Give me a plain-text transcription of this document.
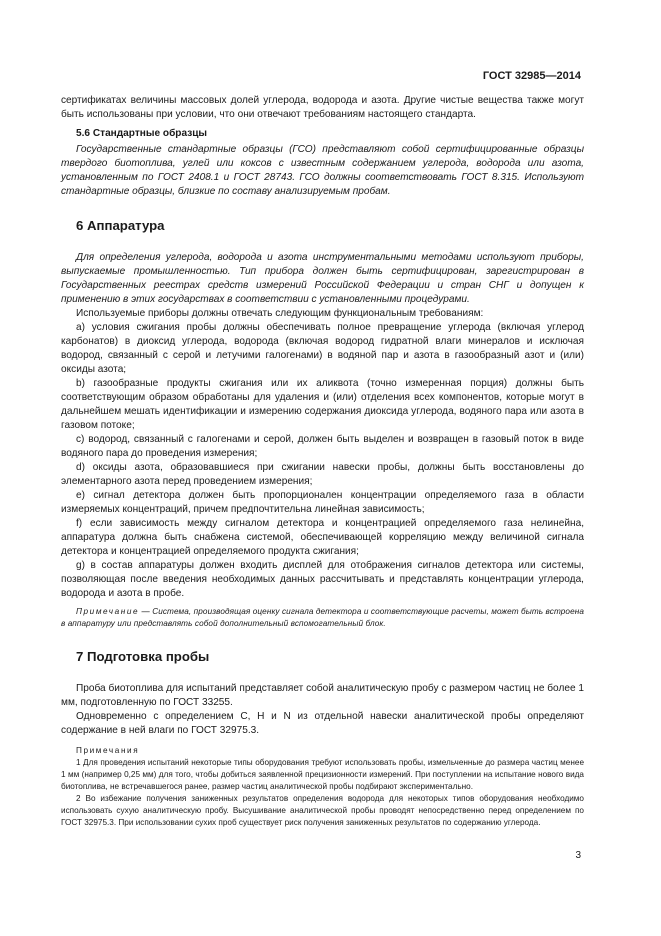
ГОСТ 32985—2014

сертификатах величины массовых долей углерода, водорода и азота. Другие чистые вещества также могут быть использованы при условии, что они отвечают требованиям настоящего стандарта.

5.6 Стандартные образцы

Государственные стандартные образцы (ГСО) представляют собой сертифицированные образцы твердого биотоплива, углей или коксов с известным содержанием углерода, водорода или азота, установленным по ГОСТ 2408.1 и ГОСТ 28743. ГСО должны соответствовать ГОСТ 8.315. Используют стандартные образцы, близкие по составу анализируемым пробам.

6 Аппаратура

Для определения углерода, водорода и азота инструментальными методами используют приборы, выпускаемые промышленностью. Тип прибора должен быть сертифицирован, зарегистрирован в Государственных реестрах средств измерений Российской Федерации и стран СНГ и допущен к применению в этих государствах в соответствии с установленными процедурами.

Используемые приборы должны отвечать следующим функциональным требованиям:

а) условия сжигания пробы должны обеспечивать полное превращение углерода (включая углерод карбонатов) в диоксид углерода, водорода (включая водород гидратной влаги минералов и исключая водород, связанный с серой и летучими галогенами) в водяной пар и азота в газообразный азот и (или) оксиды азота;

b) газообразные продукты сжигания или их аликвота (точно измеренная порция) должны быть соответствующим образом обработаны для удаления и (или) отделения всех компонентов, которые могут в дальнейшем мешать идентификации и измерению содержания диоксида углерода, водяного пара или азота в газовом потоке;

c) водород, связанный с галогенами и серой, должен быть выделен и возвращен в газовый поток в виде водяного пара до проведения измерения;

d) оксиды азота, образовавшиеся при сжигании навески пробы, должны быть восстановлены до элементарного азота перед проведением измерения;

e) сигнал детектора должен быть пропорционален концентрации определяемого газа в области измеряемых концентраций, причем предпочтительна линейная зависимость;

f) если зависимость между сигналом детектора и концентрацией определяемого газа нелинейна, аппаратура должна быть снабжена системой, обеспечивающей корреляцию между величиной сигнала детектора и концентрацией определяемого продукта сжигания;

g) в состав аппаратуры должен входить дисплей для отображения сигналов детектора или системы, позволяющая после введения необходимых данных рассчитывать и представлять концентрации углерода, водорода и азота в пробе.

Примечание — Система, производящая оценку сигнала детектора и соответствующие расчеты, может быть встроена в аппаратуру или представлять собой дополнительный вспомогательный блок.

7 Подготовка пробы

Проба биотоплива для испытаний представляет собой аналитическую пробу с размером частиц не более 1 мм, подготовленную по ГОСТ 33255.

Одновременно с определением C, H и N из отдельной навески аналитической пробы определяют содержание в ней влаги по ГОСТ 32975.3.

Примечания

1 Для проведения испытаний некоторые типы оборудования требуют использовать пробы, измельченные до размера частиц менее 1 мм (например 0,25 мм) для того, чтобы добиться заявленной прецизионности измерений. При поступлении на испытание нового вида биотоплива, не встречавшегося ранее, размер частиц аналитической пробы подбирают экспериментально.

2 Во избежание получения заниженных результатов определения водорода для некоторых типов оборудования необходимо использовать сухую аналитическую пробу. Высушивание аналитической пробы проводят непосредственно перед определением по ГОСТ 32975.3. При использовании сухих проб существует риск получения заниженных результатов по содержанию углерода.

3
